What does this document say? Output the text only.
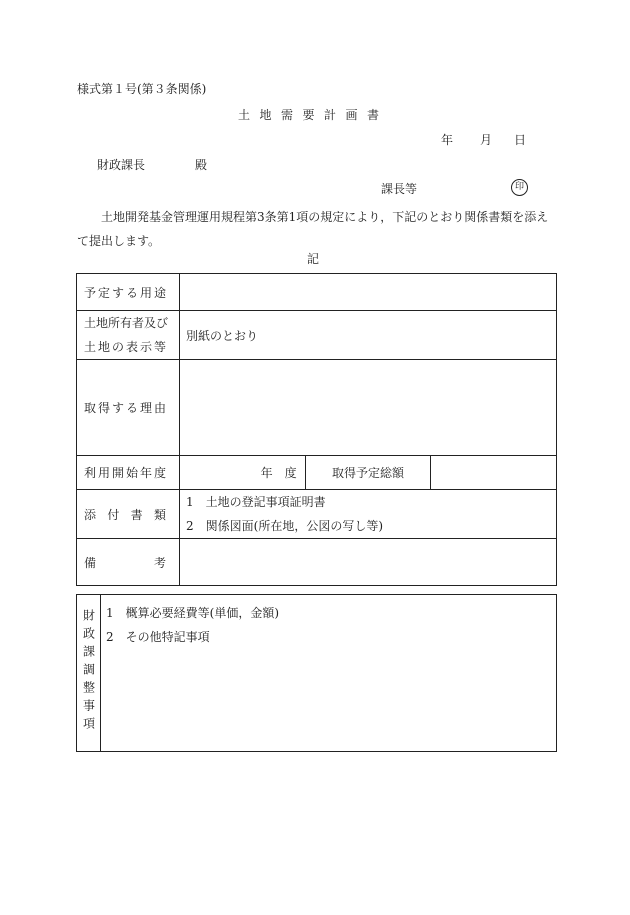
様式第１号(第３条関係)
土地需要計画書
年 月 日
財政課長	殿
課長等	印
土地開発基金管理運用規程第3条第1項の規定により，下記のとおり関係書類を添えて提出します。
記
予定する用途			

土地所有者及び
土地の表示等	別紙のとおり		

取得する理由			

利用開始年度	年　度	取得予定総額	

添付書類	1　土地の登記事項証明書
2　関係図面(所在地，公図の写し等)		

備考			

財政課調整事項	1　概算必要経費等(単価，金額)
2　その他特記事項
